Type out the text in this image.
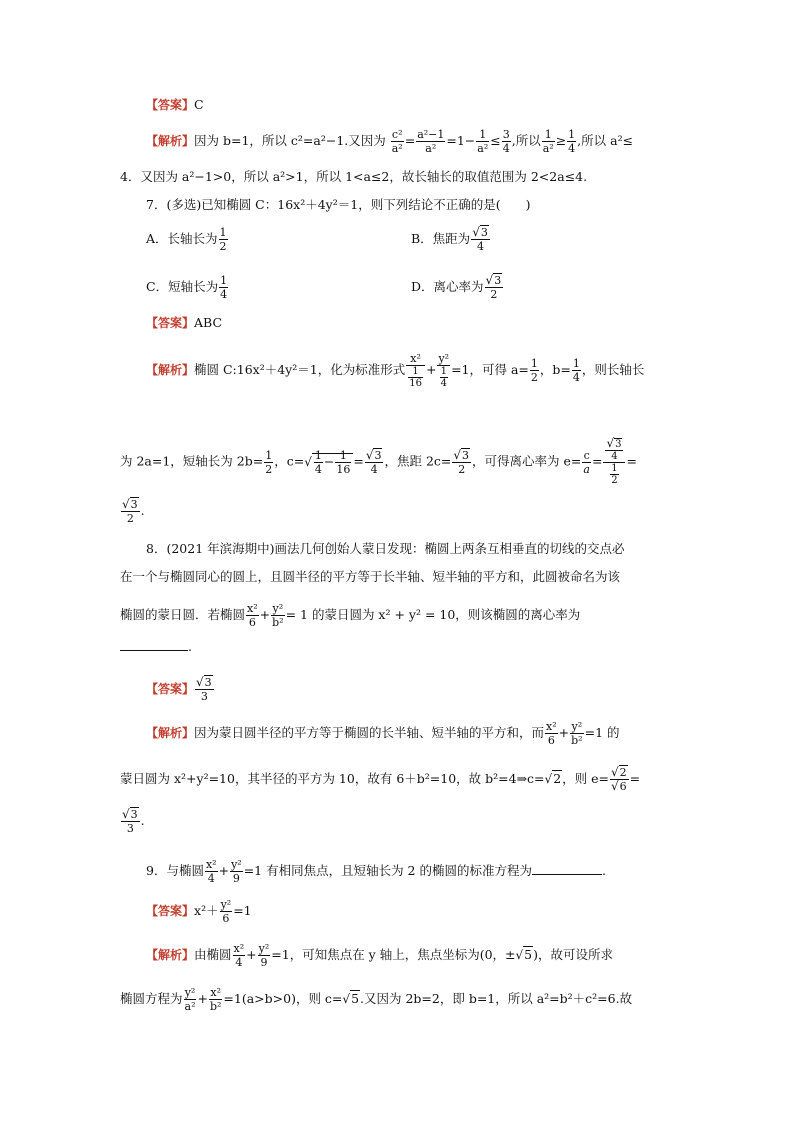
【答案】C
【解析】因为 b=1，所以 c²=a²−1.又因为 $\frac{\text{c²}}{\text{a²}} = \frac{\text{a²−1}}{\text{a²}} =1- \frac{1}{\text{a²}} \le \frac{3}{4}$ ,所以 $\frac{1}{\text{a²}} \ge \frac{1}{4}$ ,所以 a²≤
4．又因为 a²−1>0，所以 a²>1，所以 1<a≤2，故长轴长的取值范围为 2<2a≤4.
7．(多选)已知椭圆 C：16x²＋4y²＝1，则下列结论不正确的是(　　)
A．长轴长为 $\frac{1}{2}$	B．焦距为 $\frac{√3}{4}$
C．短轴长为 $\frac{1}{4}$	D．离心率为 $\frac{√3}{2}$
【答案】ABC
【解析】椭圆 C:16x²＋4y²＝1，化为标准形式 $\frac{\text{x²}}{\frac{1}{16}} + \frac{\text{y²}}{\frac{1}{4}} =1$，可得 $a= \frac{1}{2}$ ，$b= \frac{1}{4}$ ，则长轴长
为 2a=1，短轴长为 $2b= \frac{1}{2}$ ，$c=√ \frac{1}{4} - \frac{1}{16} = \frac{√3}{4}$ ，焦距 $2c= \frac{√3}{2}$ ，可得离心率为 $e= \frac{c}{a} = \frac{\frac{√3}{4}}{\frac{1}{2}}$ =
$\frac{√3}{2}$ .
8．(2021 年滨海期中)画法几何创始人蒙日发现：椭圆上两条互相垂直的切线的交点必
在一个与椭圆同心的圆上，且圆半径的平方等于长半轴、短半轴的平方和，此圆被命名为该
椭圆的蒙日圆．若椭圆 $\frac{\text{x²}}{6} + \frac{\text{y²}}{\text{b²}} = 1$ 的蒙日圆为 x² + y² = 10，则该椭圆的离心率为
.
【答案】 $\frac{√3}{3}$
【解析】因为蒙日圆半径的平方等于椭圆的长半轴、短半轴的平方和，而 $\frac{\text{x²}}{6} + \frac{\text{y²}}{\text{b²}} =1$ 的
蒙日圆为 x²+y²=10，其半径的平方为 10，故有 6＋b²=10，故 b²=4⇒c=√2，则 $e= \frac{√2}{√6}$ =
$\frac{√3}{3}$ .
9．与椭圆 $\frac{\text{x²}}{4} + \frac{\text{y²}}{9} =1$ 有相同焦点，且短轴长为 2 的椭圆的标准方程为	.
【答案】$x^2+ \frac{\text{y²}}{6} =1$
【解析】由椭圆 $\frac{\text{x²}}{4} + \frac{\text{y²}}{9} =1$，可知焦点在 y 轴上，焦点坐标为(0，±√5)，故可设所求
椭圆方程为 $\frac{\text{y²}}{\text{a²}} + \frac{\text{x²}}{\text{b²}} =1(a>b>0)$，则 c=√5.又因为 2b=2，即 b=1，所以 a²=b²＋c²=6.故
